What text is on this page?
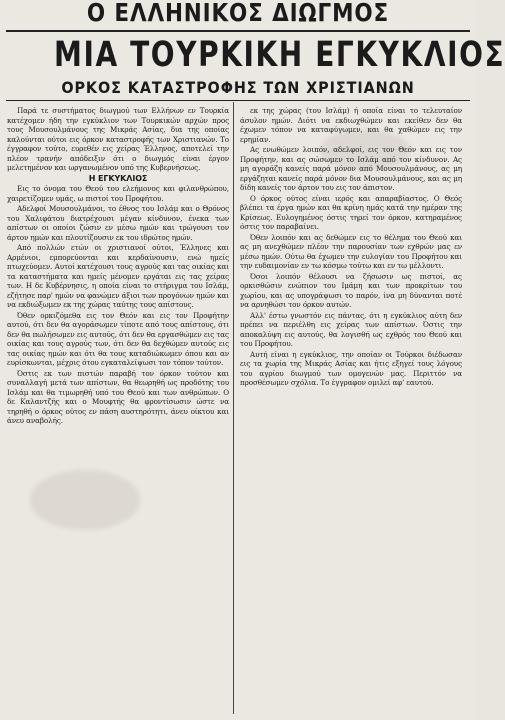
Ο ΕΛΛΗΝΙΚΟΣ ΔΙΩΓΜΟΣ
ΜΙΑ ΤΟΥΡΚΙΚΗ ΕΓΚΥΚΛΙΟΣ
ΟΡΚΟΣ ΚΑΤΑΣΤΡΟΦΗΣ ΤΩΝ ΧΡΙΣΤΙΑΝΩΝ

Παρά τε συστήματος διωγμού των Ελλήνων εν Τουρκία κατέχομεν ήδη την εγκύκλιον των Τουρκικών αρχών προς τους Μουσουλμάνους της Μικράς Ασίας, δια της οποίας καλούνται ούτοι εις όρκον καταστροφής των Χριστιανών. Το έγγραφον τούτο, ευρεθέν εις χείρας Έλληνος, αποτελεί την πλέον τρανήν απόδειξιν ότι ο διωγμός είναι έργον μελετημένον και ωργανωμένον υπό της Κυβερνήσεως.

Η ΕΓΚΥΚΛΙΟΣ

Εις το όνομα του Θεού του ελεήμονος και φιλανθρώπου, χαιρετίζομεν υμάς, ω πιστοί του Προφήτου.

Αδελφοί Μουσουλμάνοι, το έθνος του Ισλάμ και ο Θρόνος του Χαλιφάτου διατρέχουσι μέγαν κίνδυνον, ένεκα των απίστων οι οποίοι ζώσιν εν μέσω ημών και τρώγουσι τον άρτον ημών και πλουτίζουσιν εκ του ιδρώτος ημών.

Από πολλών ετών οι χριστιανοί ούτοι, Έλληνες και Αρμένιοι, εμπορεύονται και κερδαίνουσιν, ενώ ημείς πτωχεύομεν. Αυτοί κατέχουσι τους αγρούς και τας οικίας και τα καταστήματα και ημείς μένομεν εργάται εις τας χείρας των. Η δε Κυβέρνησις, η οποία είναι το στήριγμα του Ισλάμ, εζήτησε παρ' ημών να φανώμεν άξιοι των προγόνων ημών και να εκδιώξωμεν εκ της χώρας ταύτης τους απίστους.

Όθεν ορκιζόμεθα εις τον Θεόν και εις τον Προφήτην αυτού, ότι δεν θα αγοράσωμεν τίποτε από τους απίστους, ότι δεν θα πωλήσωμεν εις αυτούς, ότι δεν θα εργασθώμεν εις τας οικίας και τους αγρούς των, ότι δεν θα δεχθώμεν αυτούς εις τας οικίας ημών και ότι θα τους καταδιώκωμεν όπου και αν ευρίσκωνται, μέχρις ότου εγκαταλείψωσι τον τόπον τούτον.

Όστις εκ των πιστών παραβή τον όρκον τούτον και συναλλαγή μετά των απίστων, θα θεωρηθή ως προδότης του Ισλάμ και θα τιμωρηθή υπό του Θεού και των ανθρώπων. Ο δε Καλαντζής και ο Μουφτής θα φροντίσωσιν ώστε να τηρηθή ο όρκος ούτος εν πάση αυστηρότητι, άνευ οίκτου και άνευ αναβολής.

εκ της χώρας (του Ισλάμ) ή οποία είναι το τελευταίον άσυλον ημών. Διότι να εκδιωχθώμεν και εκείθεν δεν θα έχωμεν τόπον να καταφύγωμεν, και θα χαθώμεν εις την ερημίαν.

Ας ενωθώμεν λοιπόν, αδελφοί, εις τον Θεόν και εις τον Προφήτην, και ας σώσωμεν το Ισλάμ από τον κίνδυνον. Ας μη αγοράζη κανείς παρά μόνον από Μουσουλμάνους, ας μη εργάζηται κανείς παρά μόνον δια Μουσουλμάνους, και ας μη δίδη κανείς τον άρτον του εις τον άπιστον.

Ο όρκος ούτος είναι ιερός και απαραβίαστος. Ο Θεός βλέπει τα έργα ημών και θα κρίνη ημάς κατά την ημέραν της Κρίσεως. Ευλογημένος όστις τηρεί τον όρκον, κατηραμένος όστις τον παραβαίνει.

Όθεν λοιπόν και ας δεθώμεν εις το θέλημα του Θεού και ας μη ανεχθώμεν πλέον την παρουσίαν των εχθρών μας εν μέσω ημών. Ούτω θα έχωμεν την ευλογίαν του Προφήτου και την ευδαιμονίαν εν τω κόσμω τούτω και εν τω μέλλοντι.

Όσοι λοιπόν θέλουσι να ζήσωσιν ως πιστοί, ας ορκισθώσιν ενώπιον του Ιμάμη και των προκρίτων του χωρίου, και ας υπογράψωσι το παρόν, ίνα μη δύνανται ποτέ να αρνηθώσι τον όρκον αυτών.

Αλλ' έστω γνωστόν εις πάντας, ότι η εγκύκλιος αύτη δεν πρέπει να περιέλθη εις χείρας των απίστων. Όστις την αποκαλύψη εις αυτούς, θα λογισθή ως εχθρός του Θεού και του Προφήτου.

Αυτή είναι η εγκύκλιος, την οποίαν οι Τούρκοι διέδωσαν εις τα χωρία της Μικράς Ασίας και ήτις εξηγεί τους λόγους του αγρίου διωγμού των ομογενών μας. Περιττόν να προσθέσωμεν σχόλια. Το έγγραφον ομιλεί αφ' εαυτού.
